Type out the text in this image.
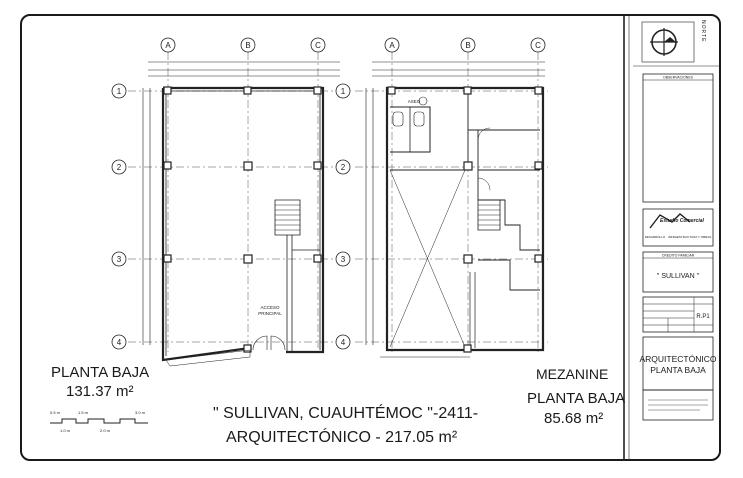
ACCESO
PRINCIPAL
ASEO
A	B	C	A	B	C
1
2
3
4
1
2
3
4
0.5 m	1.5 m	3.0 m
1.0 m	2.0 m
NORTE
OBSERVACIONES
Estudio Comercial
DESARROLLO · INFRAESTRUCTURA Y OBRAS
CREDITO FAMILIAR
" SULLIVAN "
R.P1
ARQUITECTÓNICO
PLANTA BAJA
PLANTA BAJA
131.37 m²
MEZANINE
PLANTA BAJA
85.68 m²
" SULLIVAN, CUAUHTÉMOC "-2411-
ARQUITECTÓNICO - 217.05 m²
